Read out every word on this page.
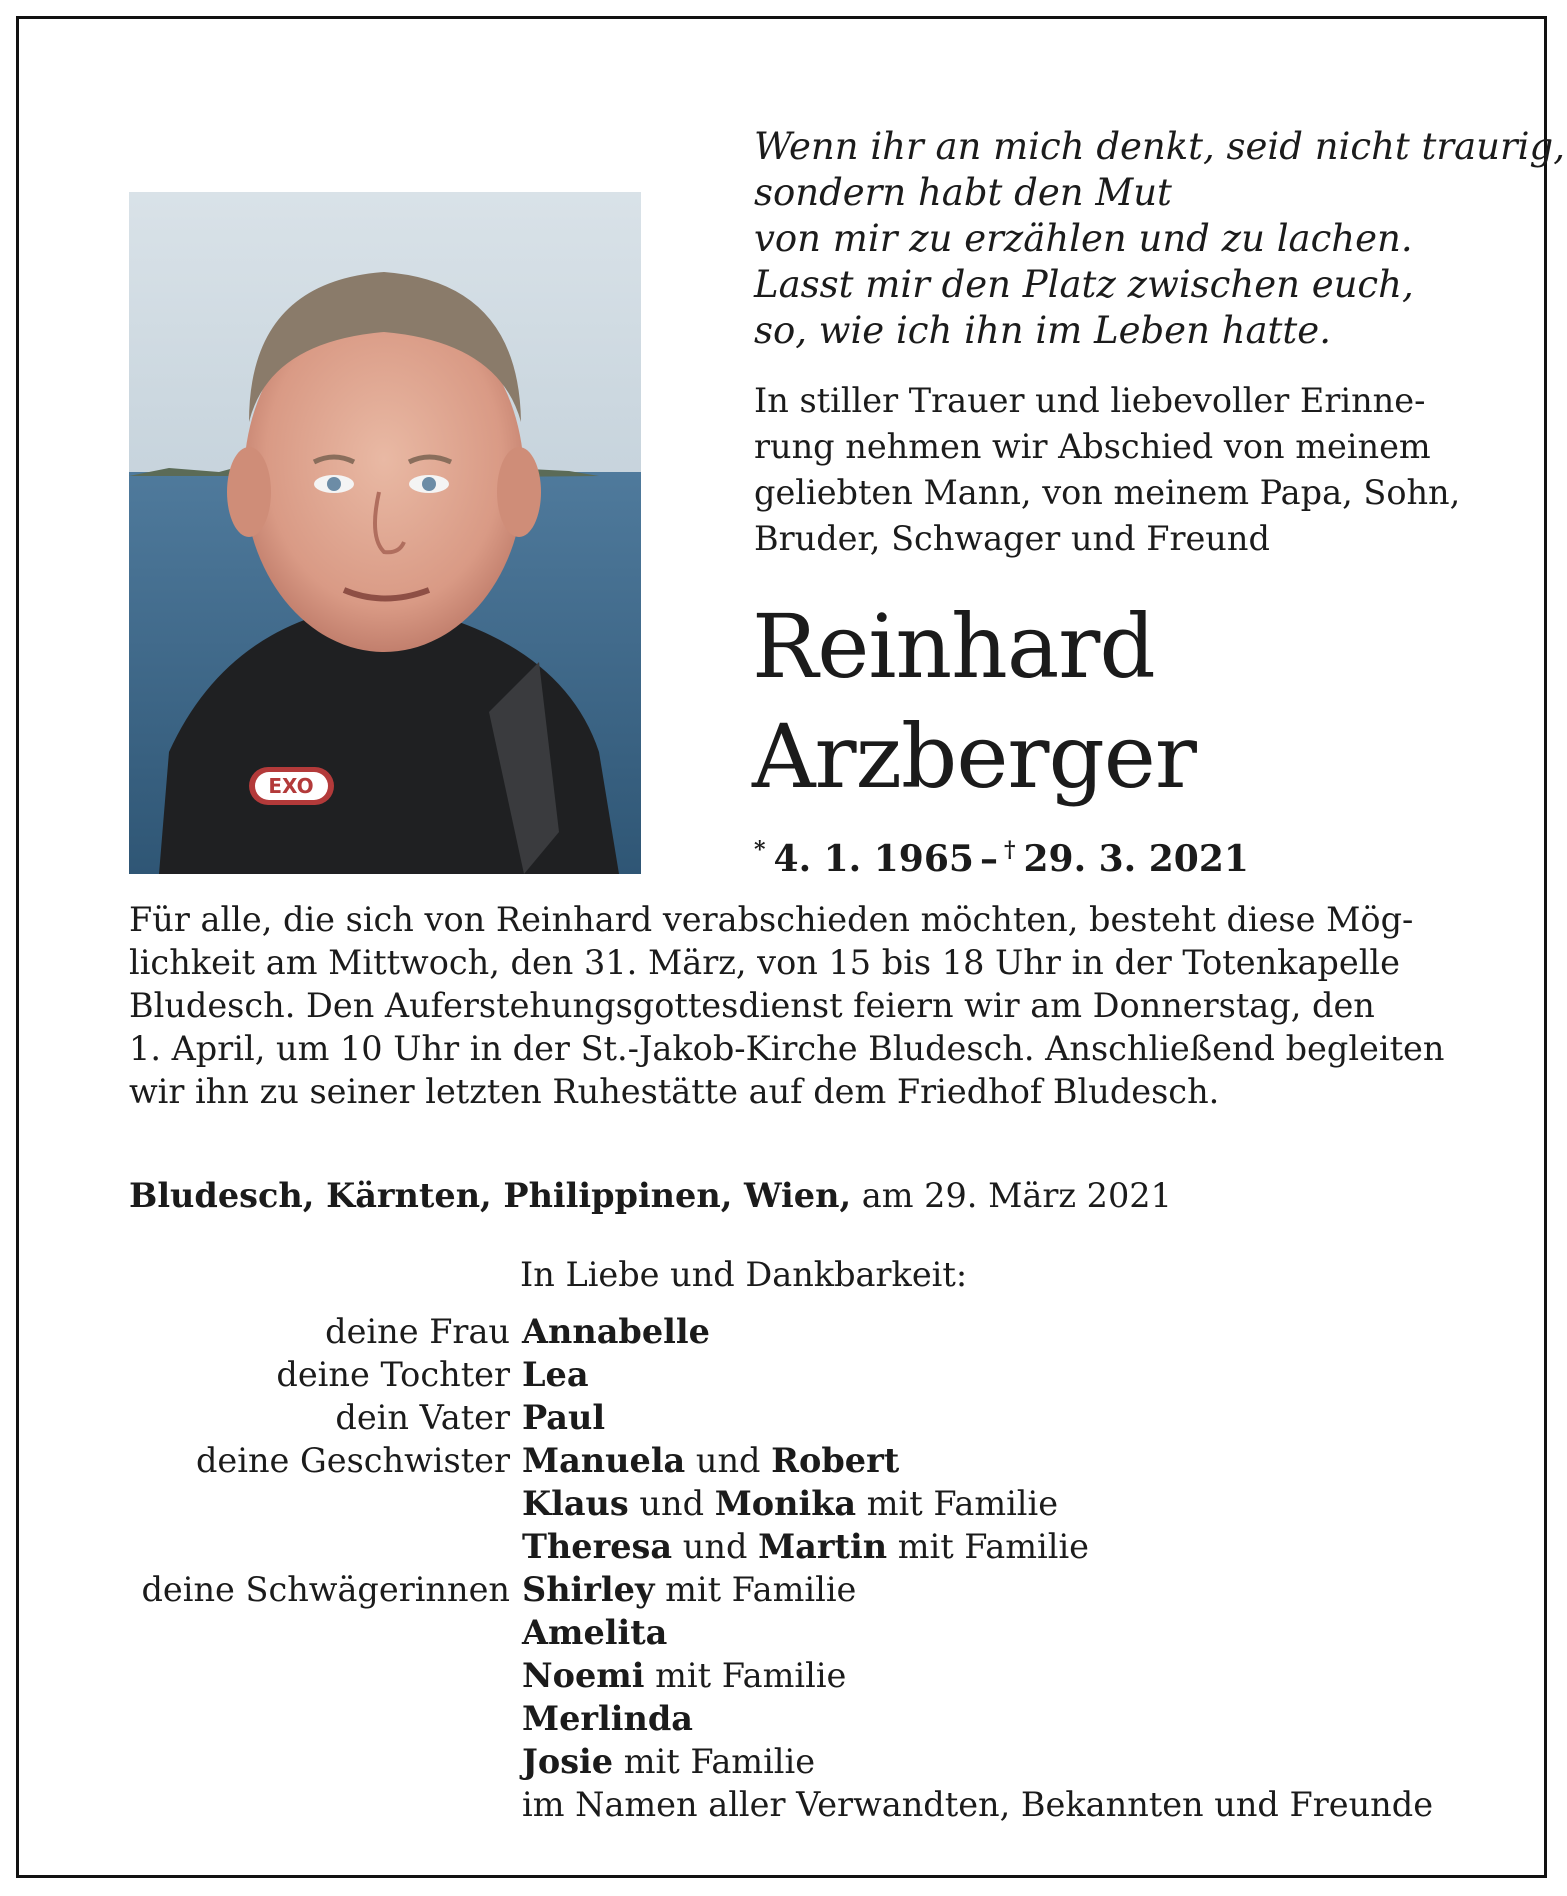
EXO
Wenn ihr an mich denkt, seid nicht traurig,
sondern habt den Mut
von mir zu erzählen und zu lachen.
Lasst mir den Platz zwischen euch,
so, wie ich ihn im Leben hatte.
In stiller Trauer und liebevoller Erinne-
rung nehmen wir Abschied von meinem
geliebten Mann, von meinem Papa, Sohn,
Bruder, Schwager und Freund
Reinhard
Arzberger
* 4. 1. 1965 – † 29. 3. 2021
Für alle, die sich von Reinhard verabschieden möchten, besteht diese Mög-
lichkeit am Mittwoch, den 31. März, von 15 bis 18 Uhr in der Totenkapelle
Bludesch. Den Auferstehungsgottesdienst feiern wir am Donnerstag, den
1. April, um 10 Uhr in der St.-Jakob-Kirche Bludesch. Anschließend begleiten
wir ihn zu seiner letzten Ruhestätte auf dem Friedhof Bludesch.
Bludesch, Kärnten, Philippinen, Wien, am 29. März 2021
In Liebe und Dankbarkeit:
deine Frau Annabelle
deine Tochter Lea
dein Vater Paul
deine Geschwister Manuela und Robert
Klaus und Monika mit Familie
Theresa und Martin mit Familie
deine Schwägerinnen Shirley mit Familie
Amelita
Noemi mit Familie
Merlinda
Josie mit Familie
im Namen aller Verwandten, Bekannten und Freunde
